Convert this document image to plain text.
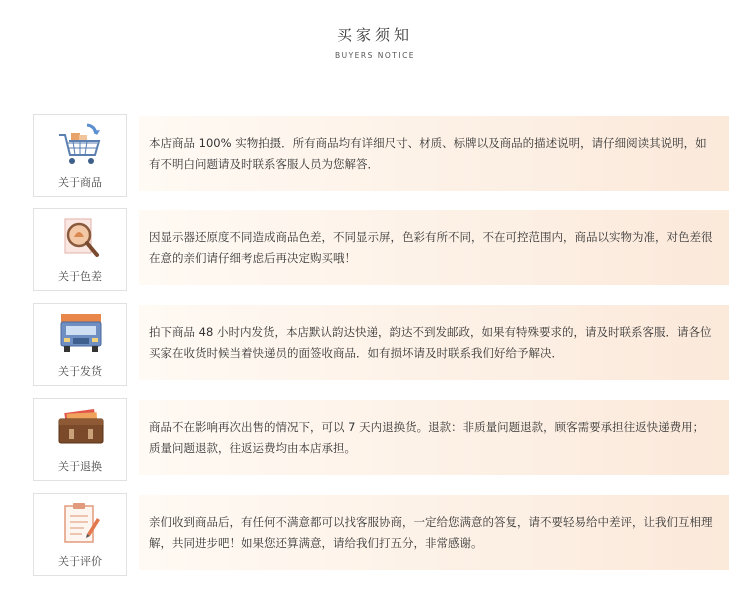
买家须知
BUYERS NOTICE
关于商品

本店商品 100% 实物拍摄．所有商品均有详细尺寸、材质、标牌以及商品的描述说明，请仔细阅读其说明，如有不明白问题请及时联系客服人员为您解答．

关于色差

因显示器还原度不同造成商品色差，不同显示屏，色彩有所不同，不在可控范围内，商品以实物为准，对色差很在意的亲们请仔细考虑后再决定购买哦！

关于发货

拍下商品 48 小时内发货，本店默认韵达快递，韵达不到发邮政，如果有特殊要求的，请及时联系客服．请各位买家在收货时候当着快递员的面签收商品．如有损坏请及时联系我们好给予解决．

关于退换

商品不在影响再次出售的情况下，可以 7 天内退换货。退款：非质量问题退款，顾客需要承担往返快递费用；质量问题退款，往返运费均由本店承担。

关于评价

亲们收到商品后，有任何不满意都可以找客服协商，一定给您满意的答复，请不要轻易给中差评，让我们互相理解，共同进步吧！如果您还算满意，请给我们打五分，非常感谢。
